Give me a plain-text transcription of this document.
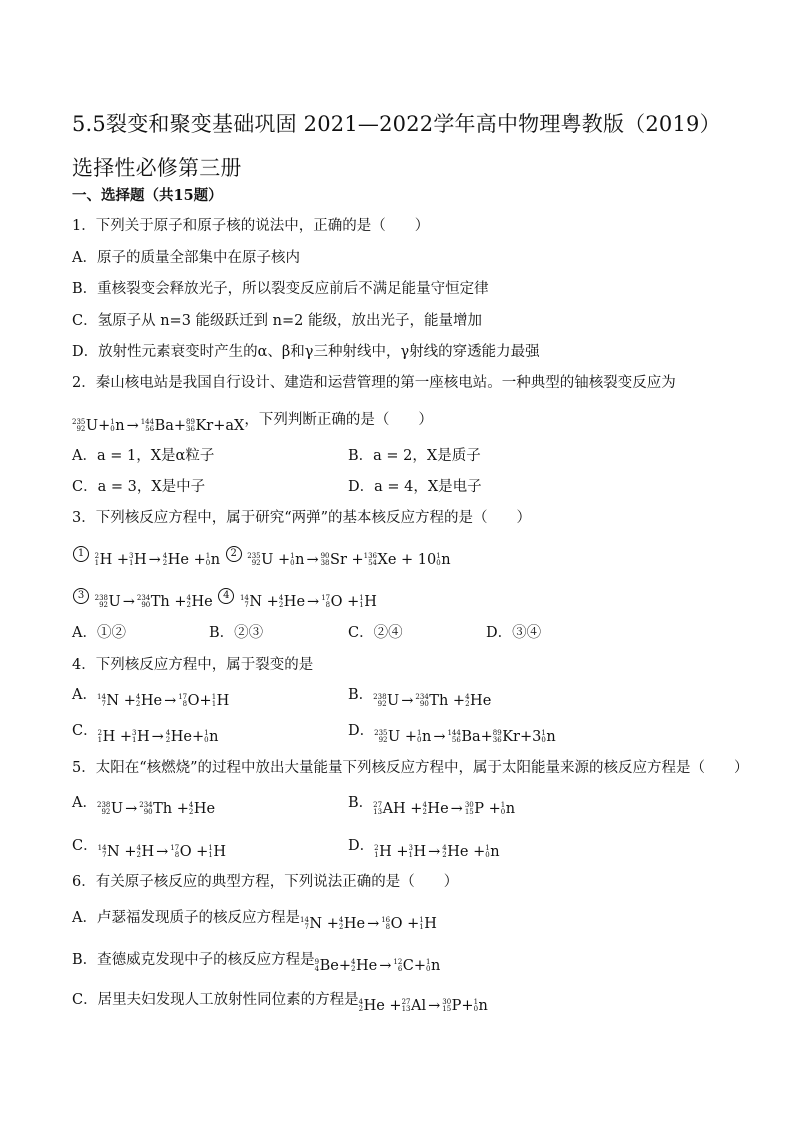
5.5裂变和聚变基础巩固 2021—2022学年高中物理粤教版（2019）选择性必修第三册
一、选择题（共15题）
1．下列关于原子和原子核的说法中，正确的是（　　）
A．原子的质量全部集中在原子核内
B．重核裂变会释放光子，所以裂变反应前后不满足能量守恒定律
C．氢原子从 n=3 能级跃迁到 n=2 能级，放出光子，能量增加
D．放射性元素衰变时产生的α、β和γ三种射线中，γ射线的穿透能力最强
2．秦山核电站是我国自行设计、建造和运营管理的第一座核电站。一种典型的铀核裂变反应为
235
92 U+ 1
0 n → 144
56 Ba+ 89
36 Kr+aX ，下列判断正确的是（　　）
A．a = 1，X是α粒子	B．a = 2，X是质子
C．a = 3，X是中子	D．a = 4，X是电子
3．下列核反应方程中，属于研究“两弹”的基本核反应方程的是（　　）
1 2
1 H + 3
1 H → 4
2 He + 1
0 n 2 235
92 U + 1
0 n → 90
38 Sr + 136
54 Xe + 10 1
0 n
3 238
92 U → 234
90 Th + 4
2 He 4 14
7 N + 4
2 He → 17
8 O + 1
1 H
A．①②	B．②③	C．②④	D．③④
4．下列核反应方程中，属于裂变的是
A． 14
7 N + 4
2 He → 17
8 O+ 1
1 H	B． 238
92 U → 234
90 Th + 4
2 He
C． 2
1 H + 3
1 H → 4
2 He+ 1
0 n	D． 235
92 U + 1
0 n → 144
56 Ba+ 89
36 Kr+3 1
0 n
5．太阳在“核燃烧”的过程中放出大量能量下列核反应方程中，属于太阳能量来源的核反应方程是（　　）
A． 238
92 U → 234
90 Th + 4
2 He	B． 27
13 AH + 4
2 He → 30
15 P + 1
0 n
C． 14
7 N + 4
2 H → 17
8 O + 1
1 H	D． 2
1 H + 3
1 H → 4
2 He + 1
0 n
6．有关原子核反应的典型方程，下列说法正确的是（　　）
A．卢瑟福发现质子的核反应方程是 14
7 N + 4
2 He → 16
8 O + 1
1 H
B．查德威克发现中子的核反应方程是 9
4 Be+ 4
2 He → 12
6 C+ 1
0 n
C．居里夫妇发现人工放射性同位素的方程是 4
2 He + 27
13 Al → 30
15 P+ 1
0 n
